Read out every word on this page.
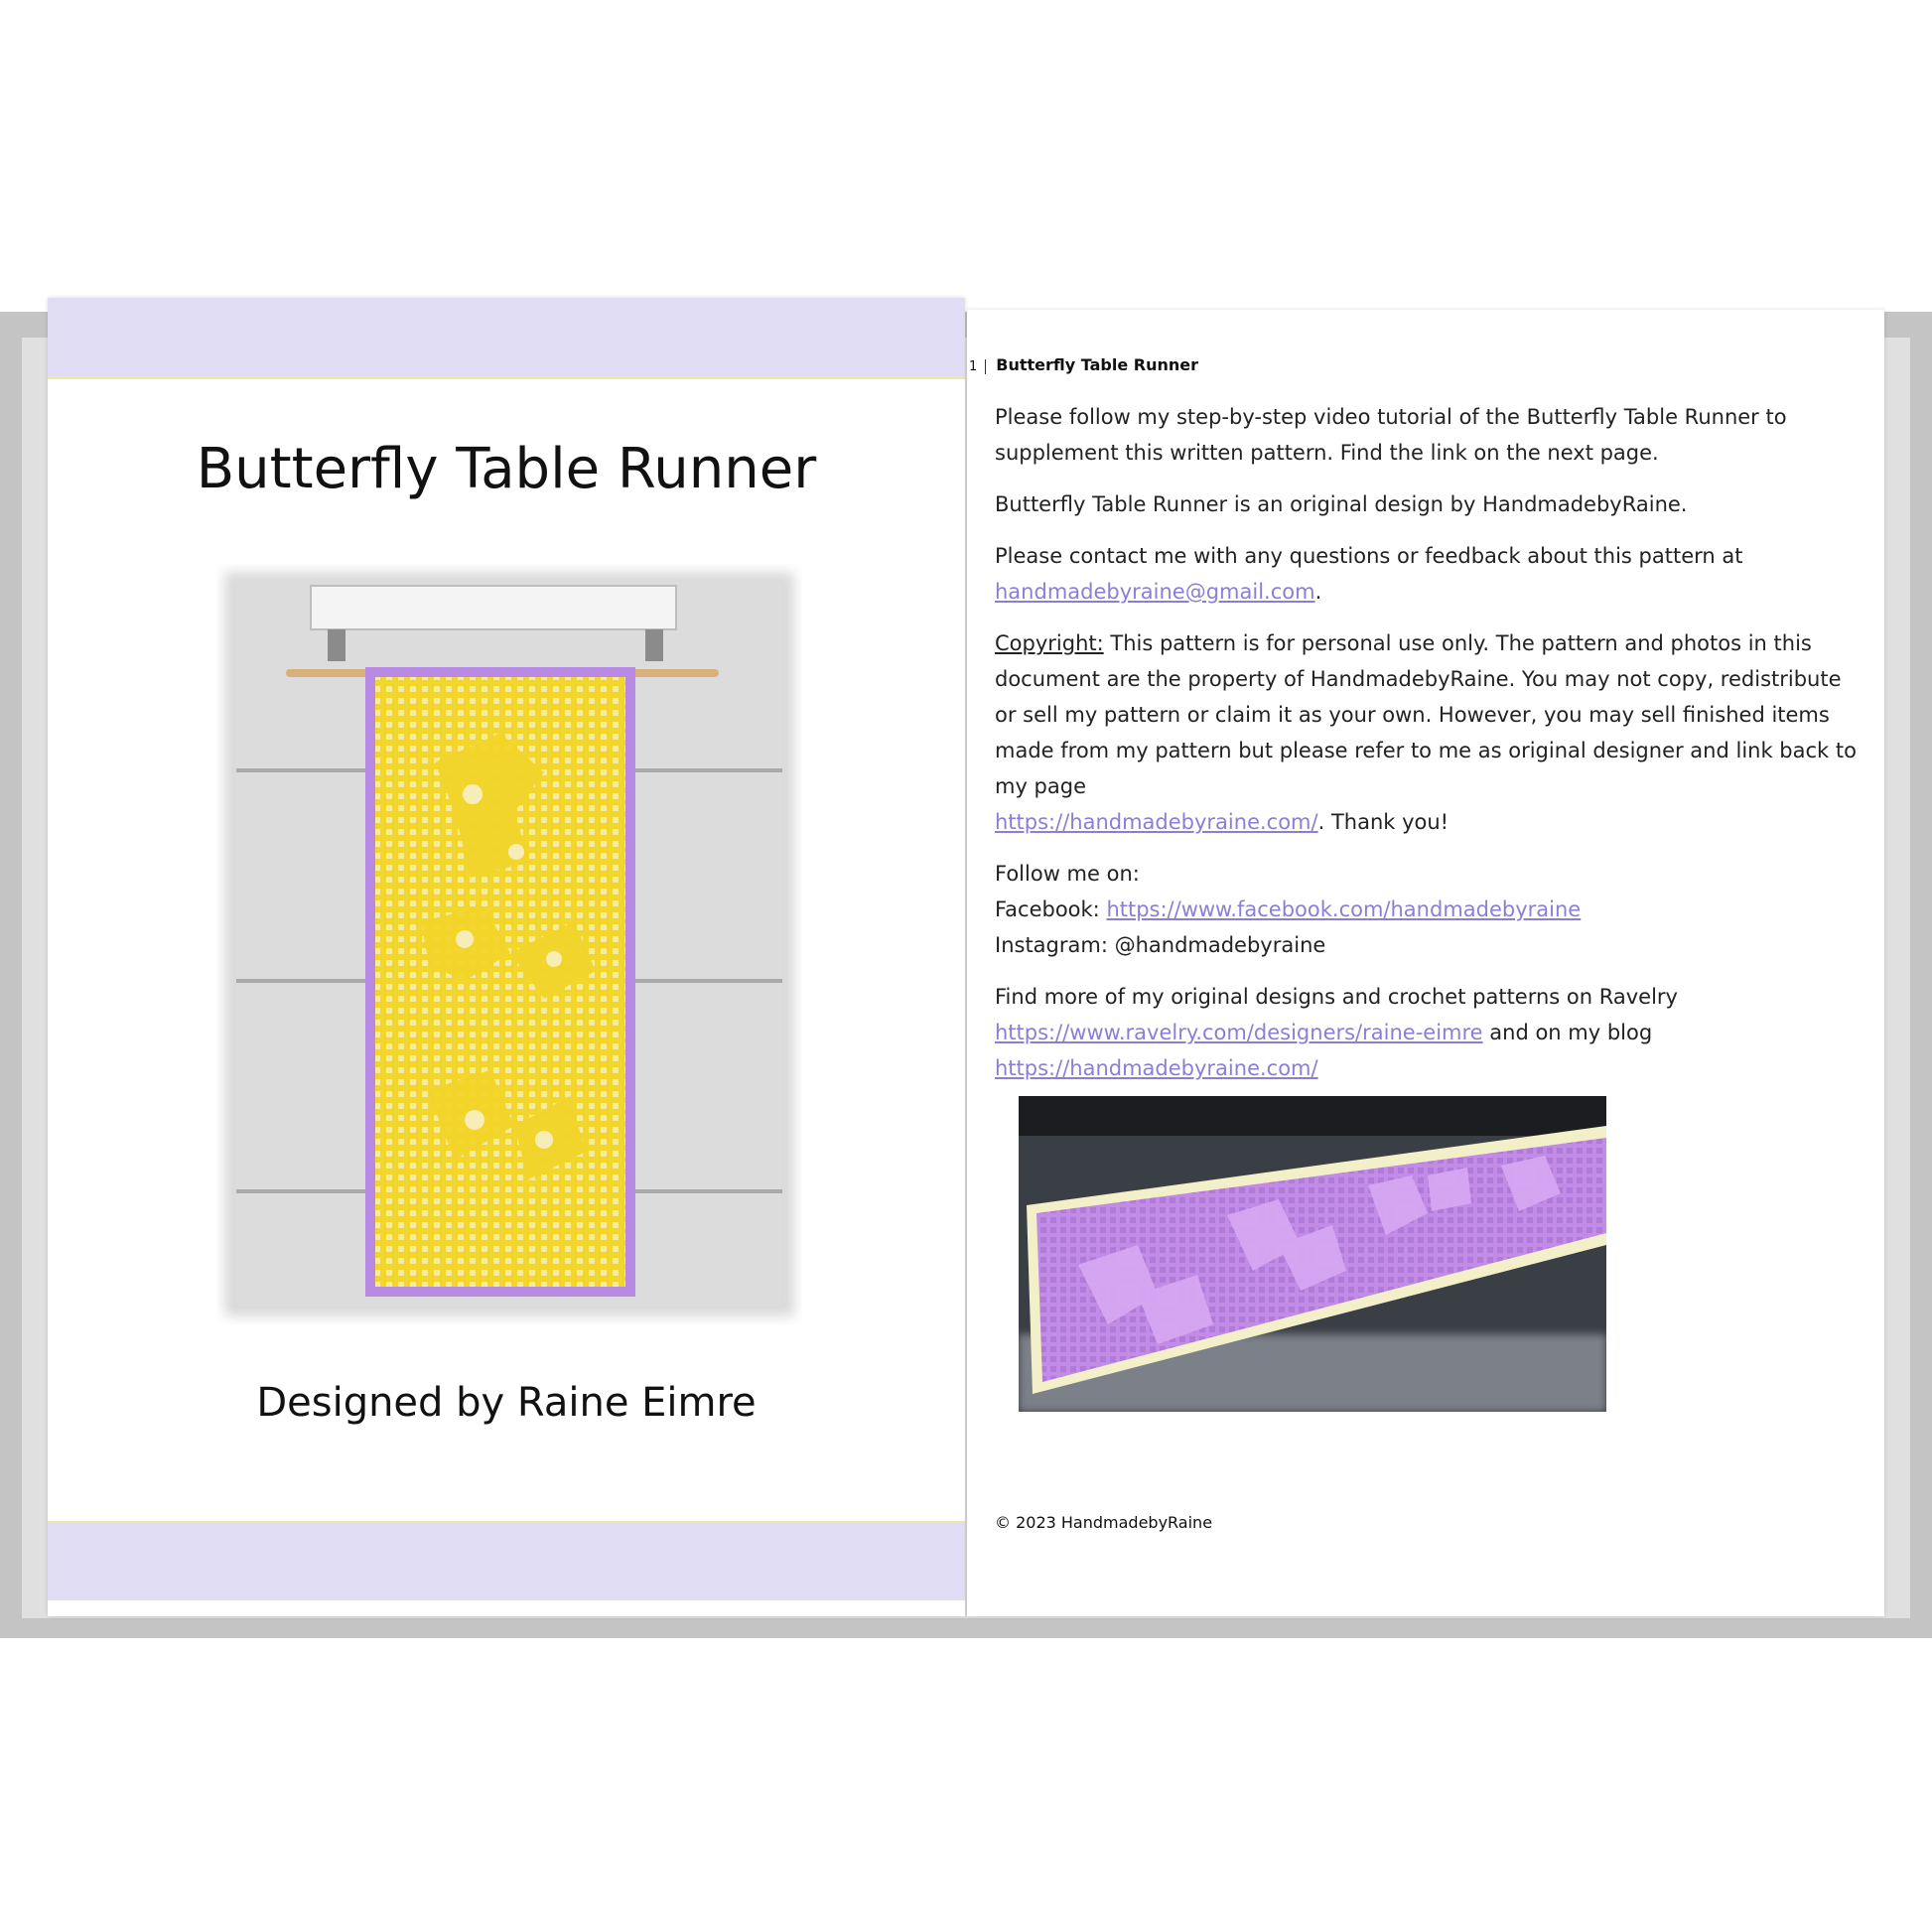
Butterfly Table Runner
Designed by Raine Eimre
1 Butterfly Table Runner

Please follow my step-by-step video tutorial of the Butterfly Table Runner to supplement this written pattern. Find the link on the next page.

Butterfly Table Runner is an original design by HandmadebyRaine.

Please contact me with any questions or feedback about this pattern at
handmadebyraine@gmail.com.

Copyright: This pattern is for personal use only. The pattern and photos in this document are the property of HandmadebyRaine. You may not copy, redistribute or sell my pattern or claim it as your own. However, you may sell finished items made from my pattern but please refer to me as original designer and link back to my page
https://handmadebyraine.com/. Thank you!

Follow me on:
Facebook: https://www.facebook.com/handmadebyraine
Instagram: @handmadebyraine

Find more of my original designs and crochet patterns on Ravelry
https://www.ravelry.com/designers/raine-eimre and on my blog
https://handmadebyraine.com/

© 2023 HandmadebyRaine
